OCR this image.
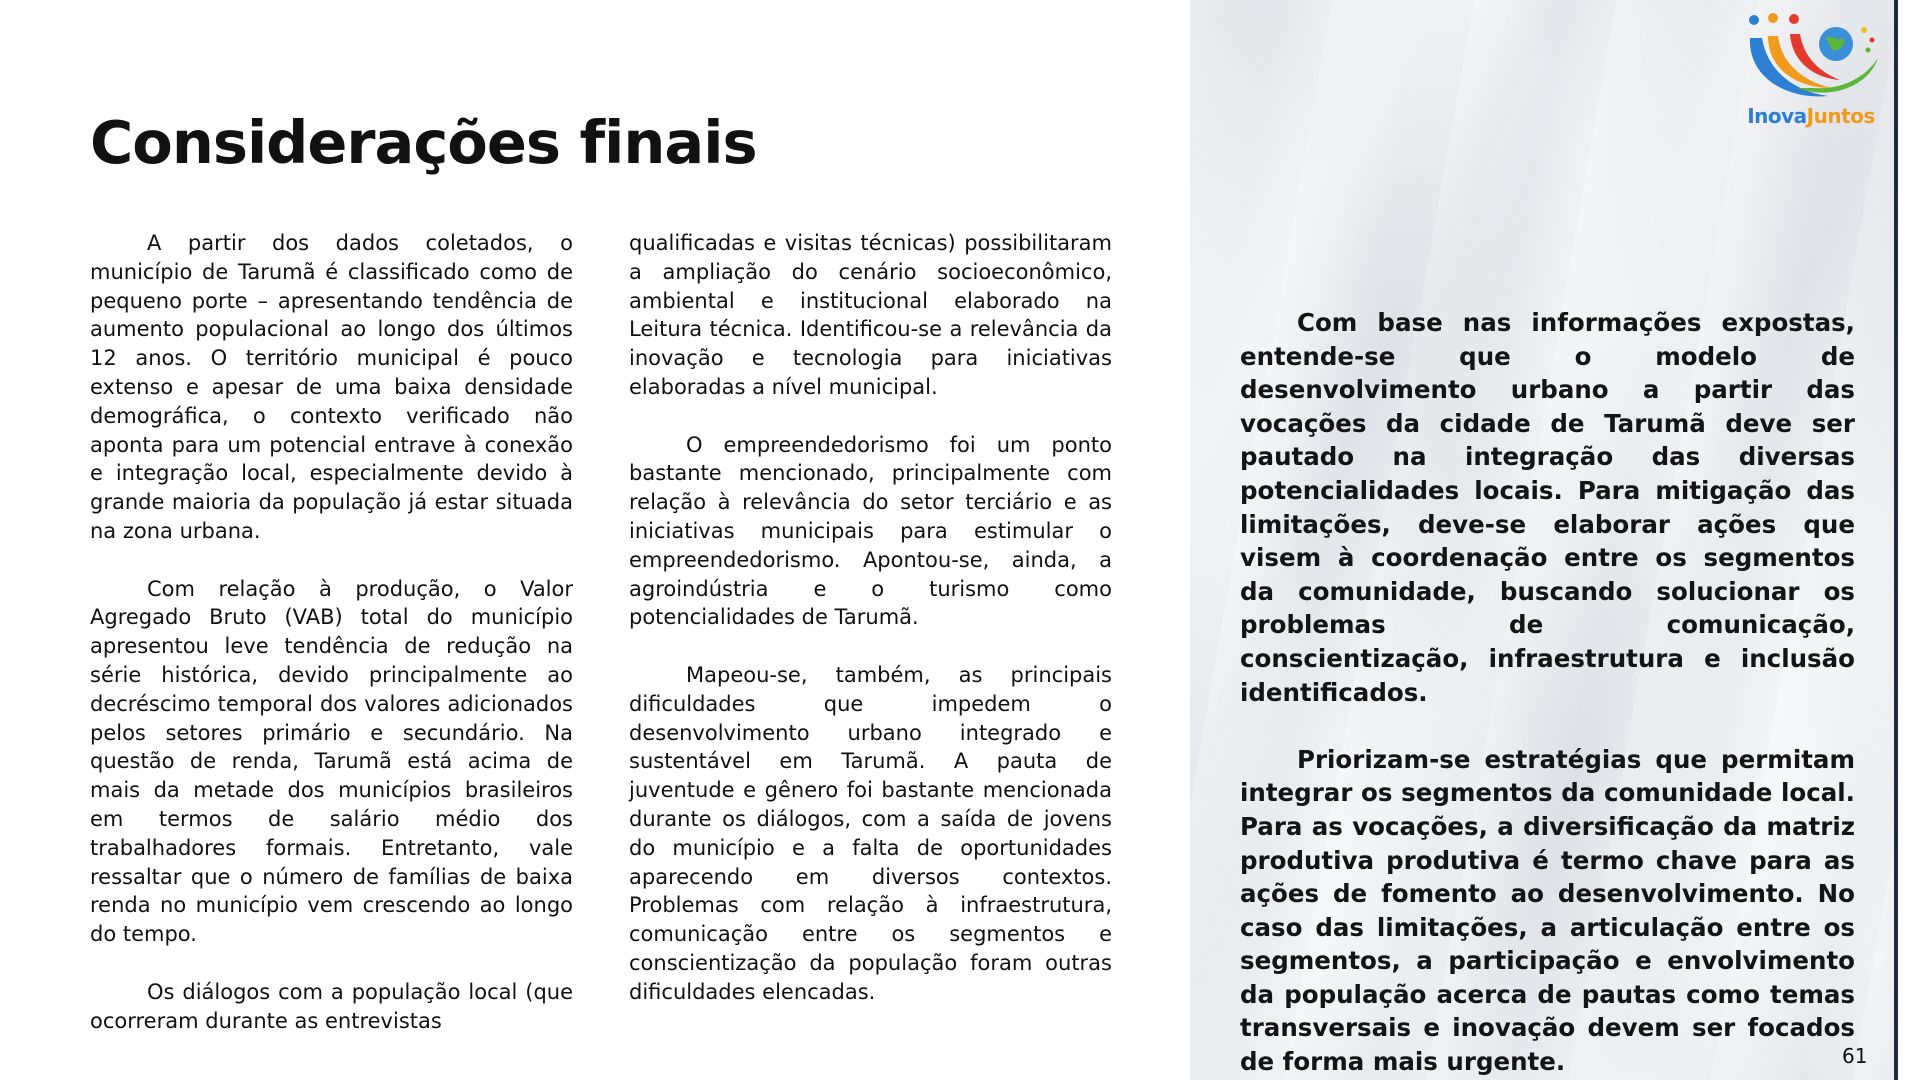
Considerações finais

A partir dos dados coletados, o município de Tarumã é classificado como de pequeno porte – apresentando tendência de aumento populacional ao longo dos últimos 12 anos. O território municipal é pouco extenso e apesar de uma baixa densidade demográfica, o contexto verificado não aponta para um potencial entrave à conexão e integração local, especialmente devido à grande maioria da população já estar situada na zona urbana.

Com relação à produção, o Valor Agregado Bruto (VAB) total do município apresentou leve tendência de redução na série histórica, devido principalmente ao decréscimo temporal dos valores adicionados pelos setores primário e secundário. Na questão de renda, Tarumã está acima de mais da metade dos municípios brasileiros em termos de salário médio dos trabalhadores formais. Entretanto, vale ressaltar que o número de famílias de baixa renda no município vem crescendo ao longo do tempo.

Os diálogos com a população local (que ocorreram durante as entrevistas

qualificadas e visitas técnicas) possibilitaram a ampliação do cenário socioeconômico, ambiental e institucional elaborado na Leitura técnica. Identificou-se a relevância da inovação e tecnologia para iniciativas elaboradas a nível municipal.

O empreendedorismo foi um ponto bastante mencionado, principalmente com relação à relevância do setor terciário e as iniciativas municipais para estimular o empreendedorismo. Apontou-se, ainda, a agroindústria e o turismo como potencialidades de Tarumã.

Mapeou-se, também, as principais dificuldades que impedem o desenvolvimento urbano integrado e sustentável em Tarumã. A pauta de juventude e gênero foi bastante mencionada durante os diálogos, com a saída de jovens do município e a falta de oportunidades aparecendo em diversos contextos. Problemas com relação à infraestrutura, comunicação entre os segmentos e conscientização da população foram outras dificuldades elencadas.

InovaJuntos

Com base nas informações expostas, entende-se que o modelo de desenvolvimento urbano a partir das vocações da cidade de Tarumã deve ser pautado na integração das diversas potencialidades locais. Para mitigação das limitações, deve-se elaborar ações que visem à coordenação entre os segmentos da comunidade, buscando solucionar os problemas de comunicação, conscientização, infraestrutura e inclusão identificados.

Priorizam-se estratégias que permitam integrar os segmentos da comunidade local. Para as vocações, a diversificação da matriz produtiva produtiva é termo chave para as ações de fomento ao desenvolvimento. No caso das limitações, a articulação entre os segmentos, a participação e envolvimento da população acerca de pautas como temas transversais e inovação devem ser focados de forma mais urgente.	61
